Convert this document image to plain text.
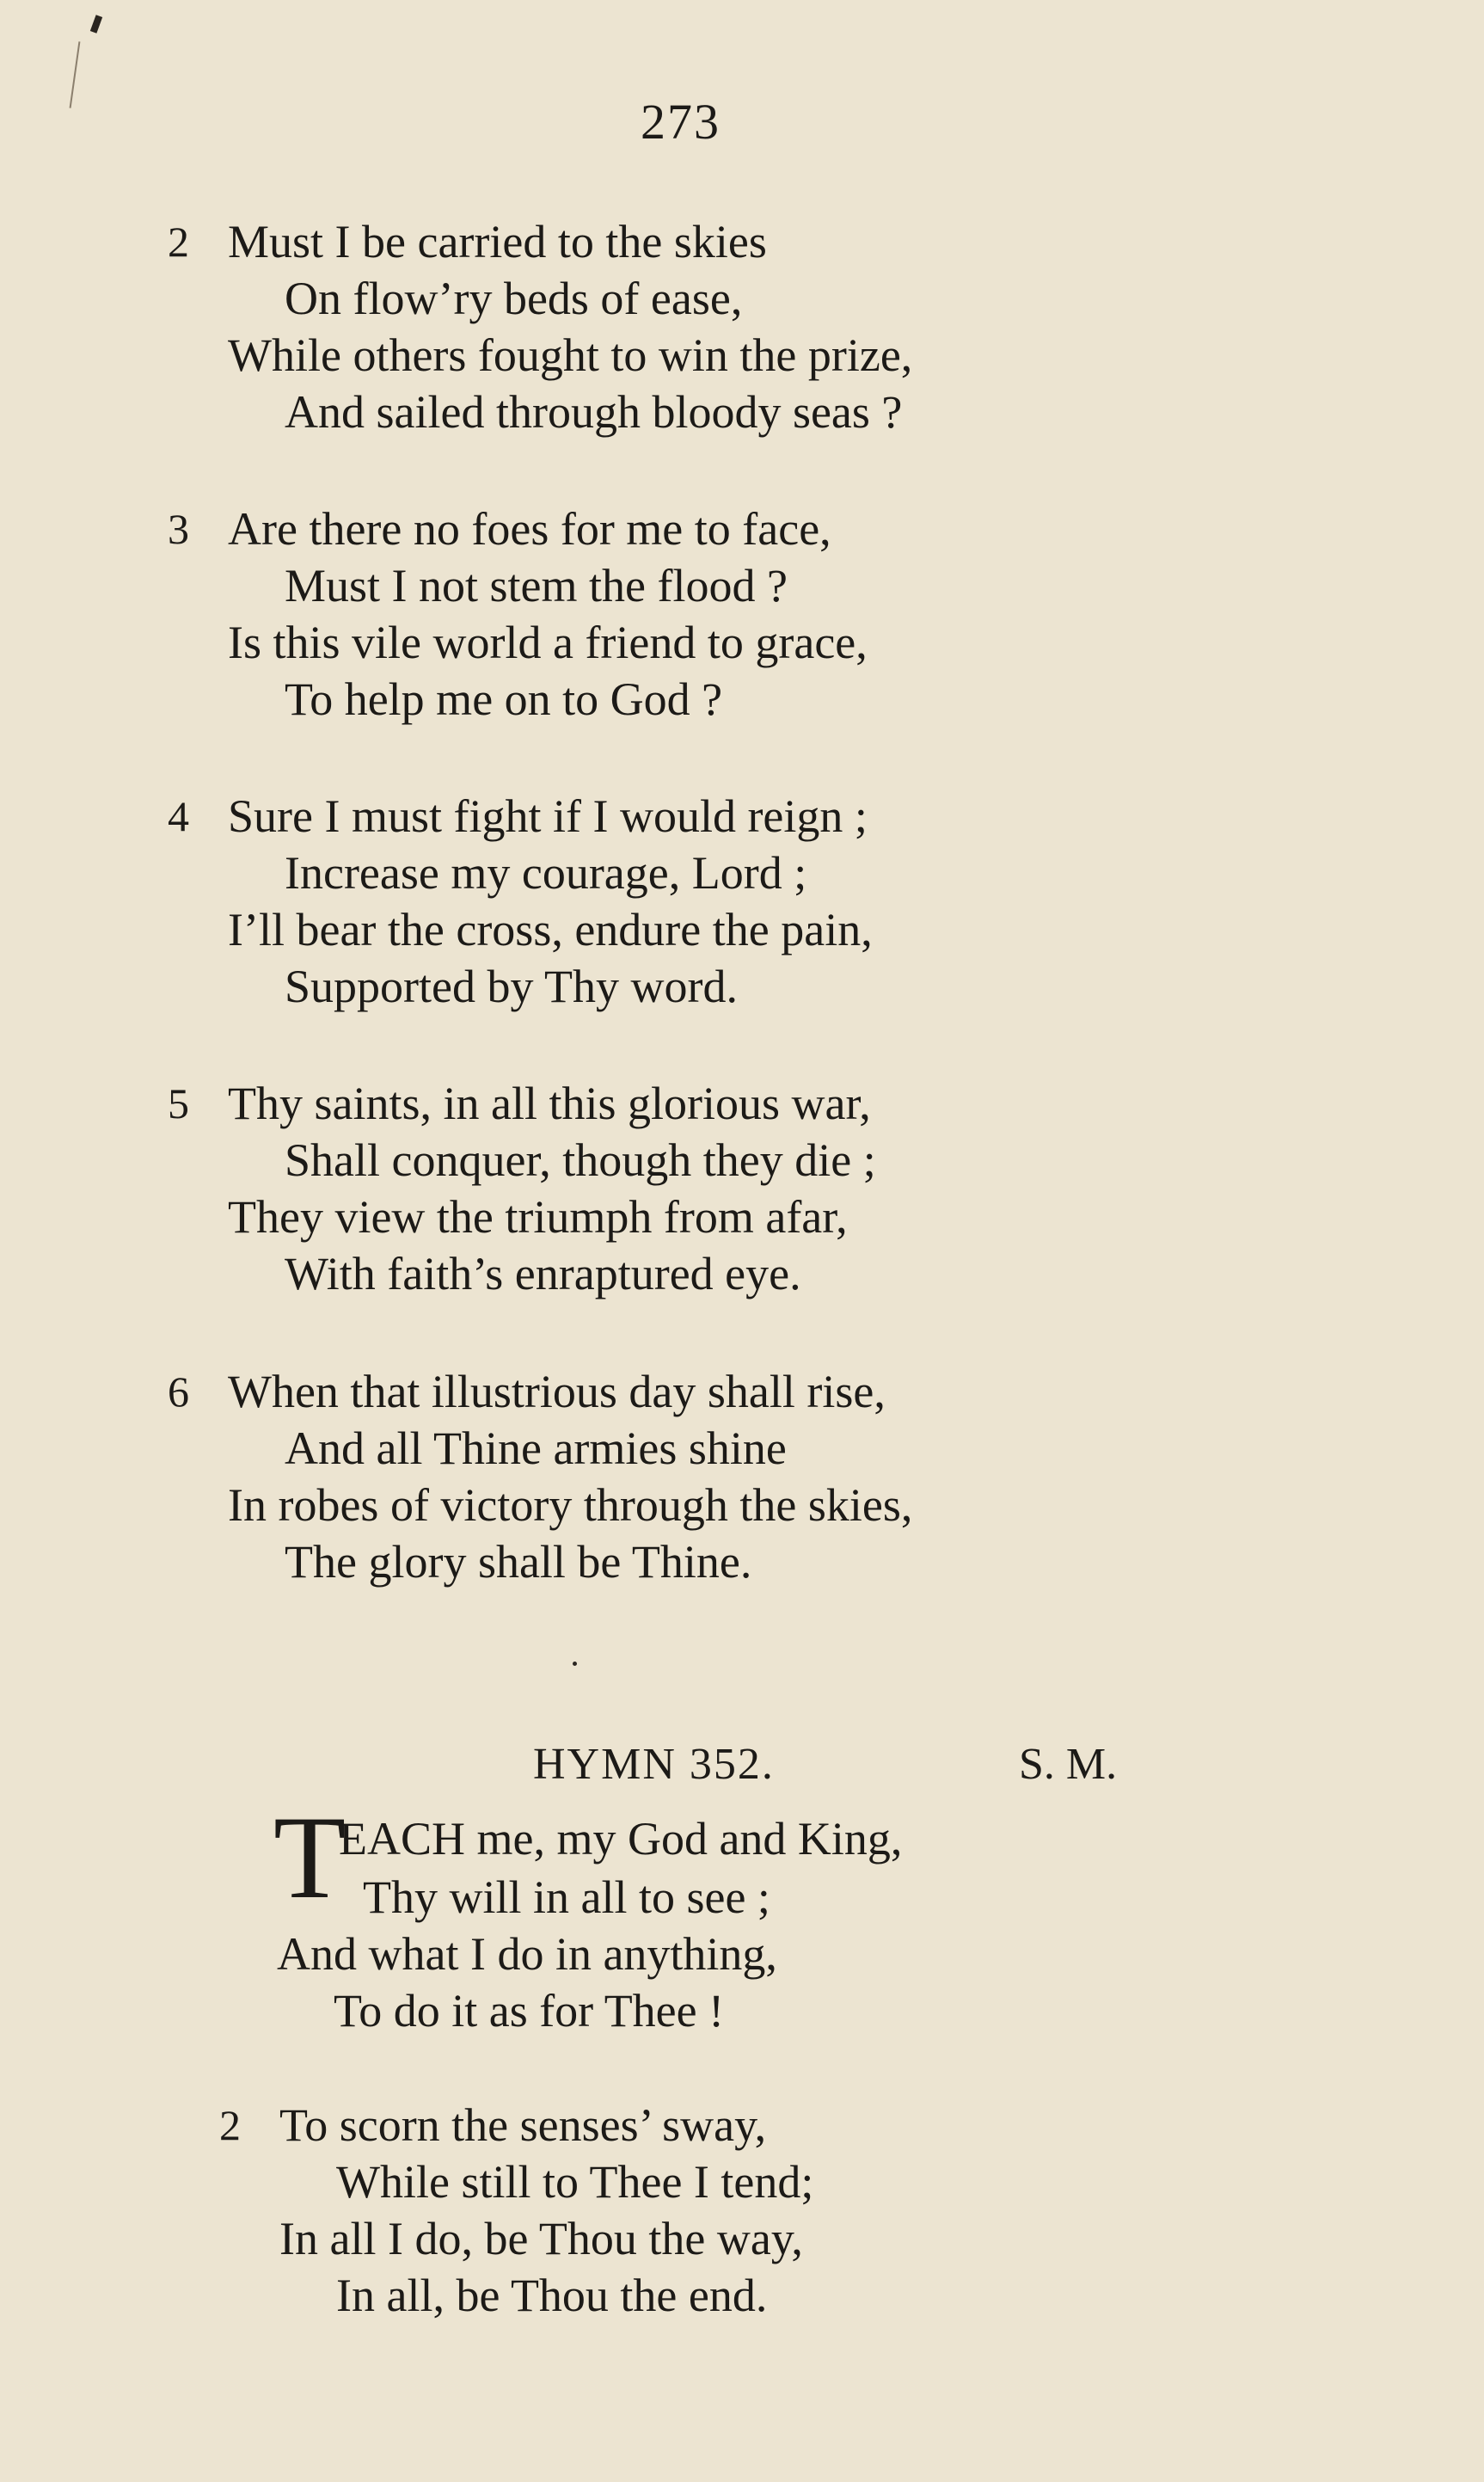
273
2 Must I be carried to the skies
On flow’ry beds of ease,
While others fought to win the prize,
And sailed through bloody seas ?
3 Are there no foes for me to face,
Must I not stem the flood ?
Is this vile world a friend to grace,
To help me on to God ?
4 Sure I must fight if I would reign ;
Increase my courage, Lord ;
I’ll bear the cross, endure the pain,
Supported by Thy word.
5 Thy saints, in all this glorious war,
Shall conquer, though they die ;
They view the triumph from afar,
With faith’s enraptured eye.
6 When that illustrious day shall rise,
And all Thine armies shine
In robes of victory through the skies,
The glory shall be Thine.
HYMN 352.	S. M.
T
EACH me, my God and King,
Thy will in all to see ;
And what I do in anything,
To do it as for Thee !
2 To scorn the senses’ sway,
While still to Thee I tend;
In all I do, be Thou the way,
In all, be Thou the end.
